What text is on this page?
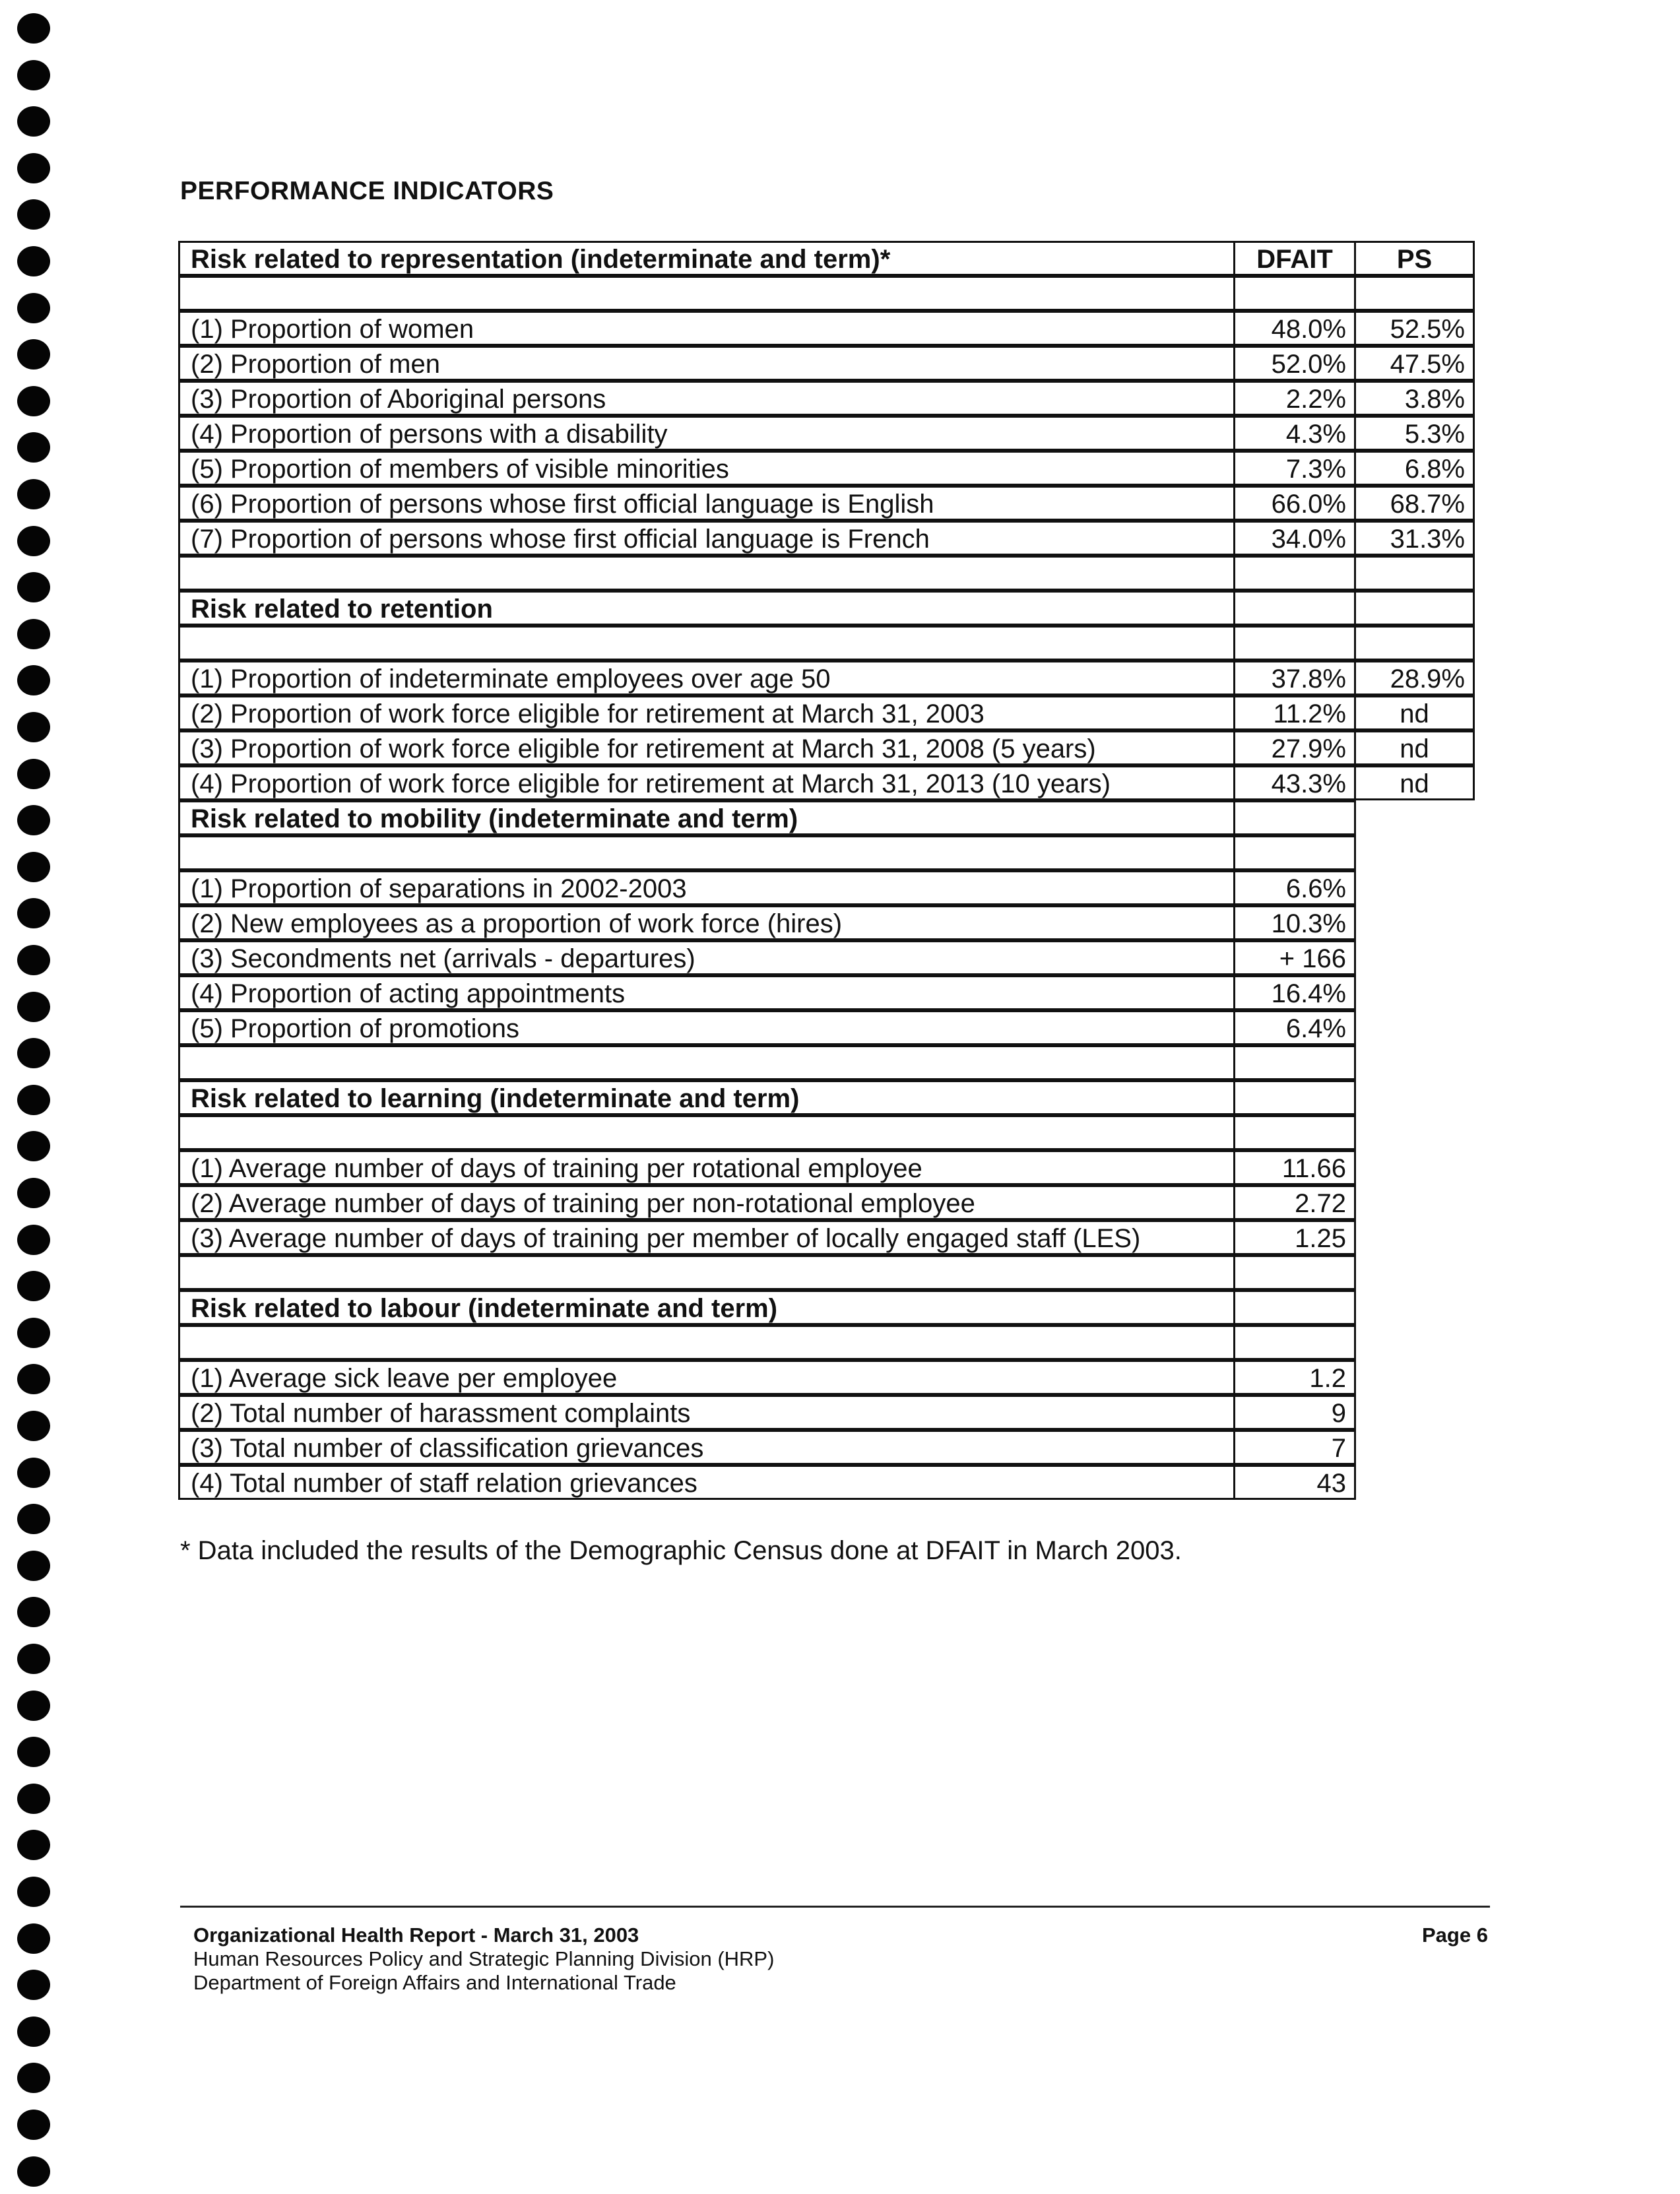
PERFORMANCE INDICATORS
Risk related to representation (indeterminate and term)*	DFAIT	PS
(1) Proportion of women	48.0%	52.5%
(2) Proportion of men	52.0%	47.5%
(3) Proportion of Aboriginal persons	2.2%	3.8%
(4) Proportion of persons with a disability	4.3%	5.3%
(5) Proportion of members of visible minorities	7.3%	6.8%
(6) Proportion of persons whose first official language is English	66.0%	68.7%
(7) Proportion of persons whose first official language is French	34.0%	31.3%
Risk related to retention
(1) Proportion of indeterminate employees over age 50	37.8%	28.9%
(2) Proportion of work force eligible for retirement at March 31, 2003	11.2%	nd
(3) Proportion of work force eligible for retirement at March 31, 2008 (5 years)	27.9%	nd
(4) Proportion of work force eligible for retirement at March 31, 2013 (10 years)	43.3%	nd
Risk related to mobility (indeterminate and term)
(1) Proportion of separations in 2002-2003	6.6%
(2) New employees as a proportion of work force (hires)	10.3%
(3) Secondments net (arrivals - departures)	+ 166
(4) Proportion of acting appointments	16.4%
(5) Proportion of promotions	6.4%
Risk related to learning (indeterminate and term)
(1) Average number of days of training per rotational employee	11.66
(2) Average number of days of training per non-rotational employee	2.72
(3) Average number of days of training per member of locally engaged staff (LES)	1.25
Risk related to labour (indeterminate and term)
(1) Average sick leave per employee	1.2
(2) Total number of harassment complaints	9
(3) Total number of classification grievances	7
(4) Total number of staff relation grievances	43
* Data included the results of the Demographic Census done at DFAIT in March 2003.
Organizational Health Report - March 31, 2003
Human Resources Policy and Strategic Planning Division (HRP)
Department of Foreign Affairs and International Trade
Page 6
